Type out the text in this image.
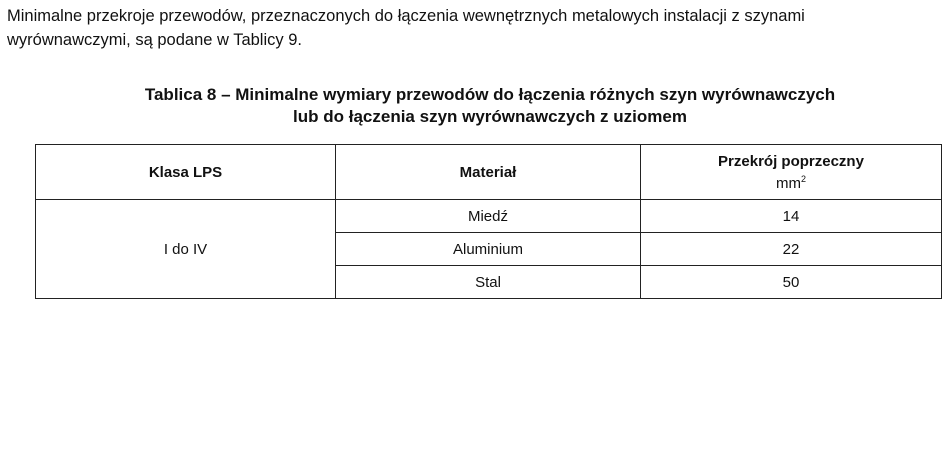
Minimalne przekroje przewodów, przeznaczonych do łączenia wewnętrznych metalowych instalacji z szynami
wyrównawczymi, są podane w Tablicy 9.
Tablica 8 – Minimalne wymiary przewodów do łączenia różnych szyn wyrównawczych
lub do łączenia szyn wyrównawczych z uziomem
Klasa LPS	Materiał	Przekrój poprzeczny
$mm^2$

I do IV	Miedź	14
	Aluminium	22
	Stal	50
